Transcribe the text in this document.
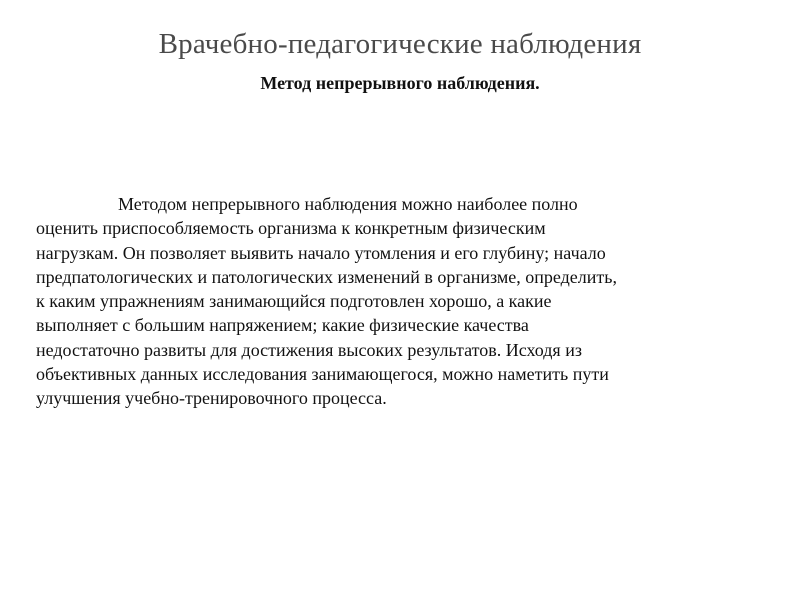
Врачебно-педагогические наблюдения
Метод непрерывного наблюдения.

Методом непрерывного наблюдения можно наиболее полно
оценить приспособляемость организма к конкретным физическим
нагрузкам. Он позволяет выявить начало утомления и его глубину; начало
предпатологических и патологических изменений в организме, определить,
к каким упражнениям занимающийся подготовлен хорошо, а какие
выполняет с большим напряжением; какие физические качества
недостаточно развиты для достижения высоких результатов. Исходя из
объективных данных исследования занимающегося, можно наметить пути
улучшения учебно-тренировочного процесса.
